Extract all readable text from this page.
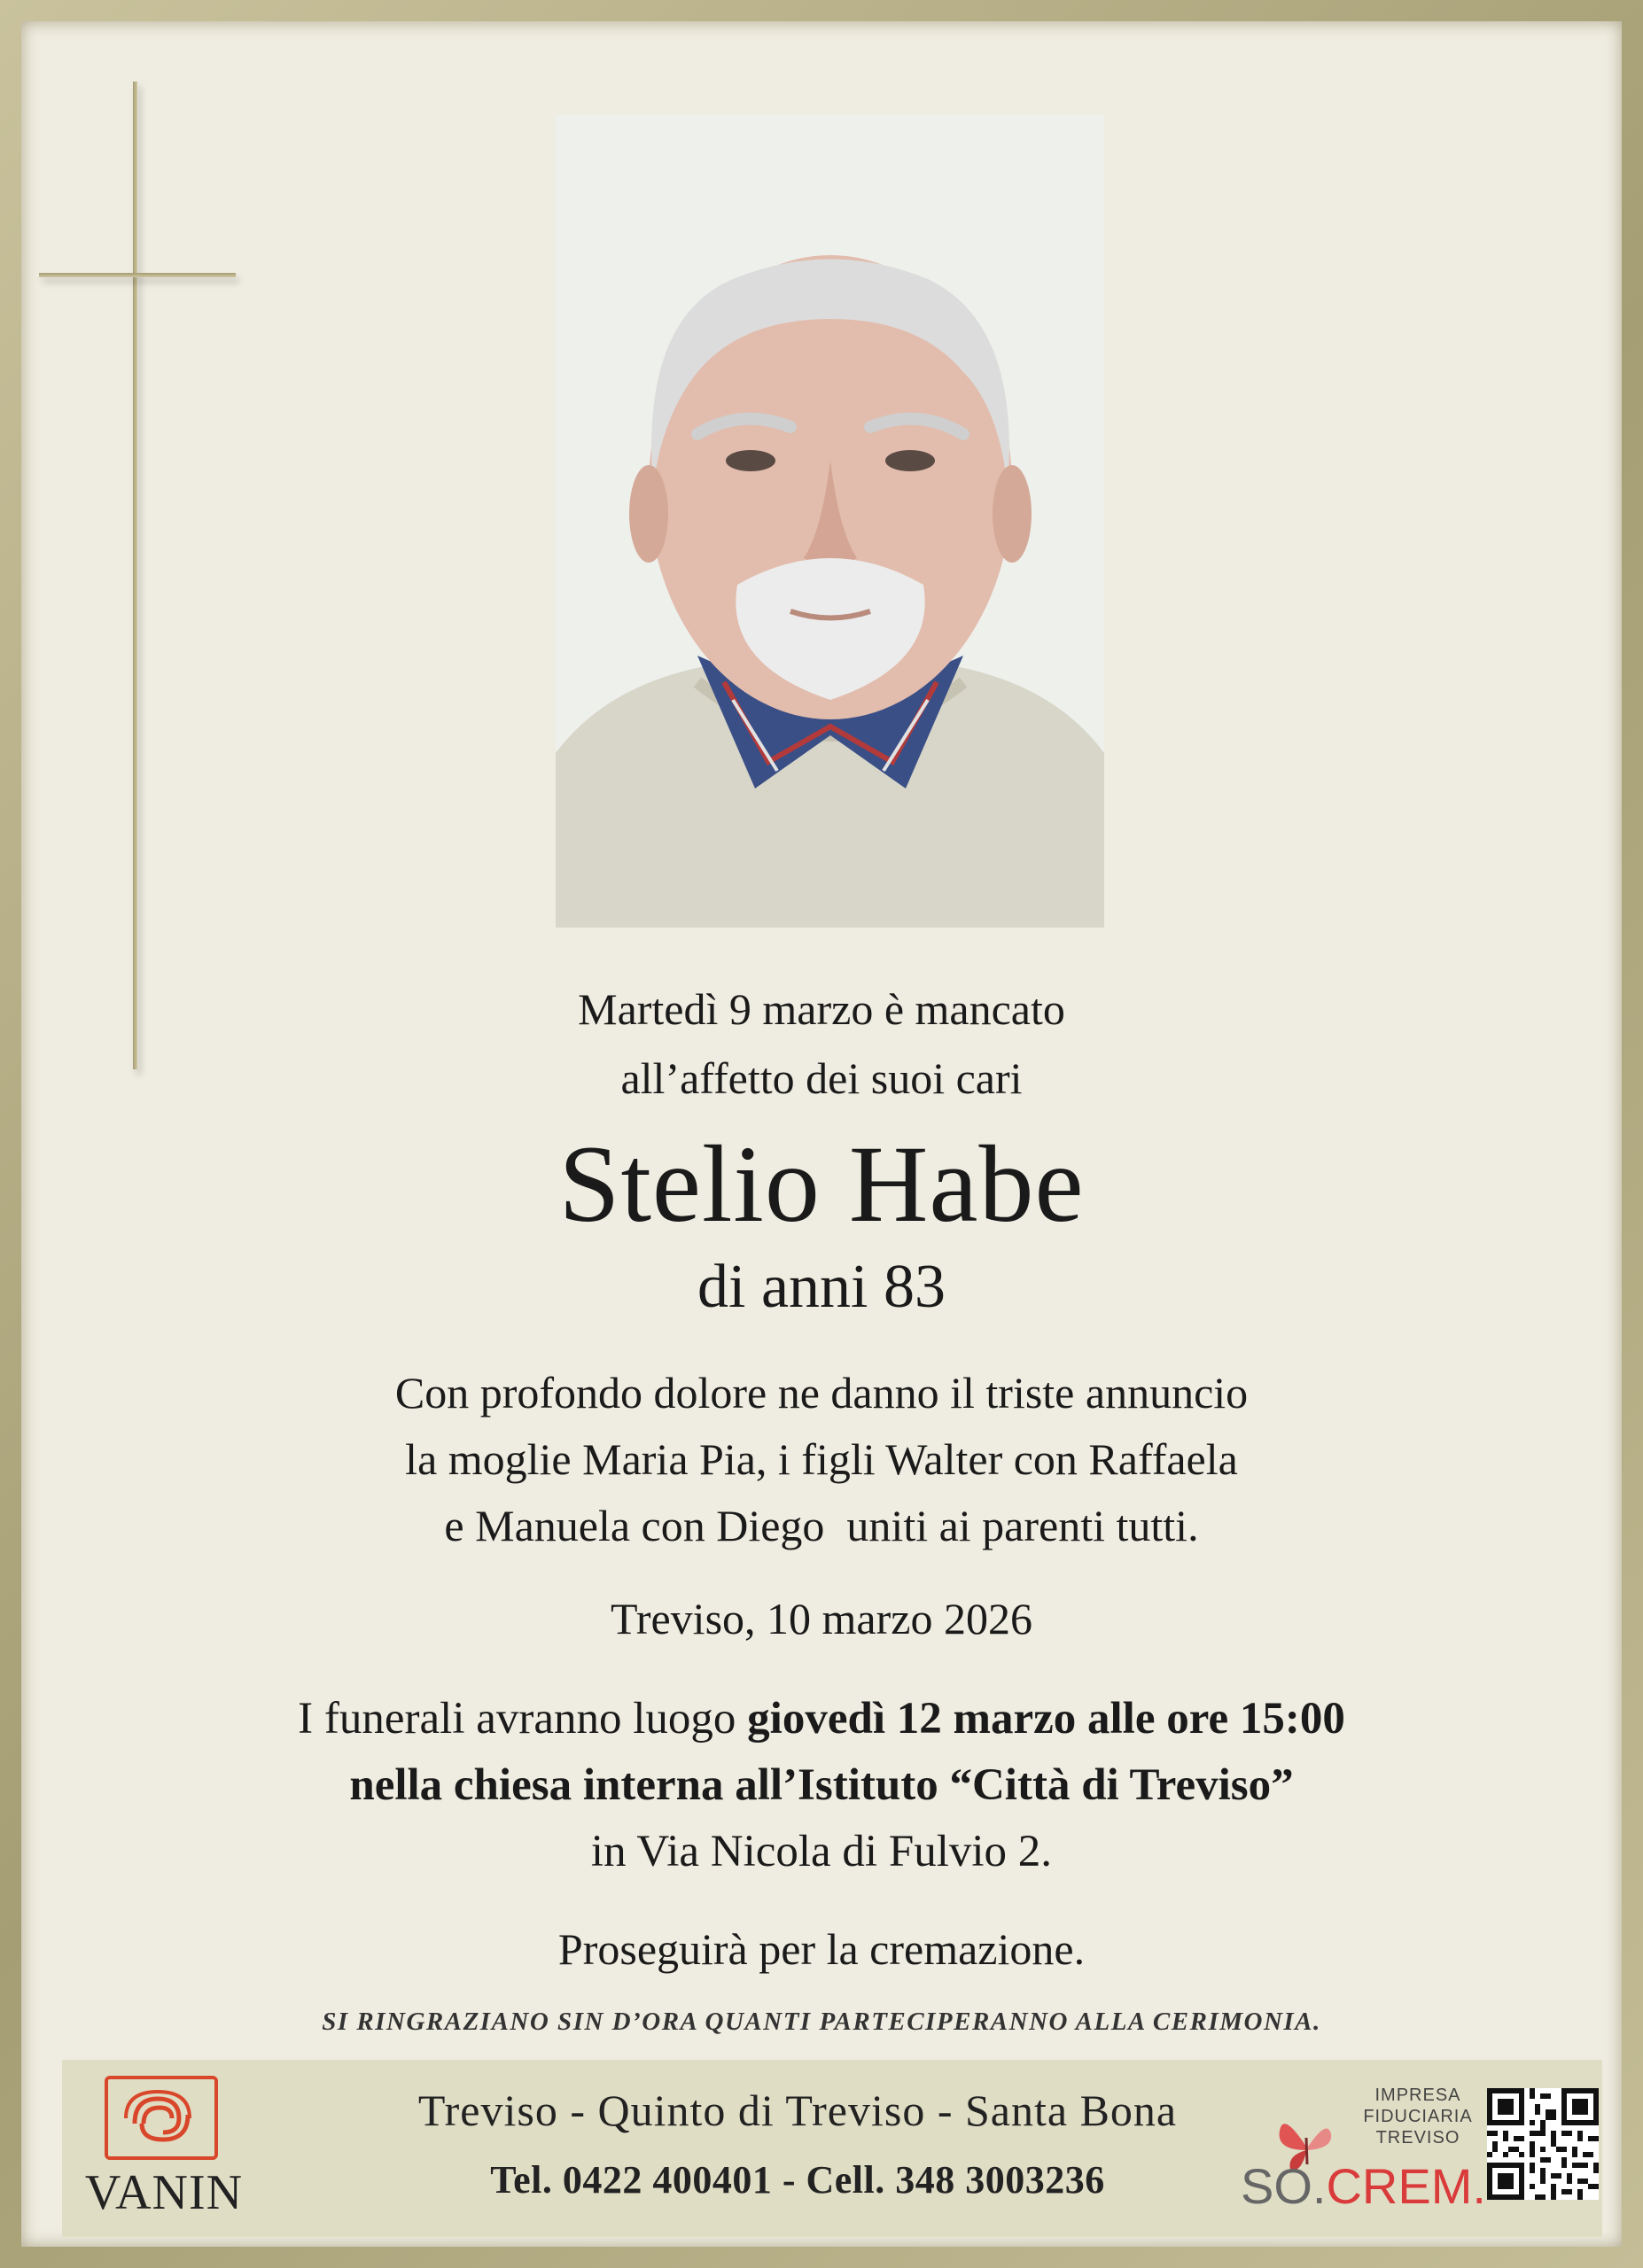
Martedì 9 marzo è mancato
all’affetto dei suoi cari
Stelio Habe
di anni 83
Con profondo dolore ne danno il triste annuncio
la moglie Maria Pia, i figli Walter con Raffaela
e Manuela con Diego  uniti ai parenti tutti.
Treviso, 10 marzo 2026
I funerali avranno luogo giovedì 12 marzo alle ore 15:00
nella chiesa interna all’Istituto “Città di Treviso”
in Via Nicola di Fulvio 2.
Proseguirà per la cremazione.
SI RINGRAZIANO SIN D’ORA QUANTI PARTECIPERANNO ALLA CERIMONIA.
VANIN
Treviso - Quinto di Treviso - Santa Bona
Tel. 0422 400401 - Cell. 348 3003236
IMPRESA
FIDUCIARIA
TREVISO
SO.CREM.
